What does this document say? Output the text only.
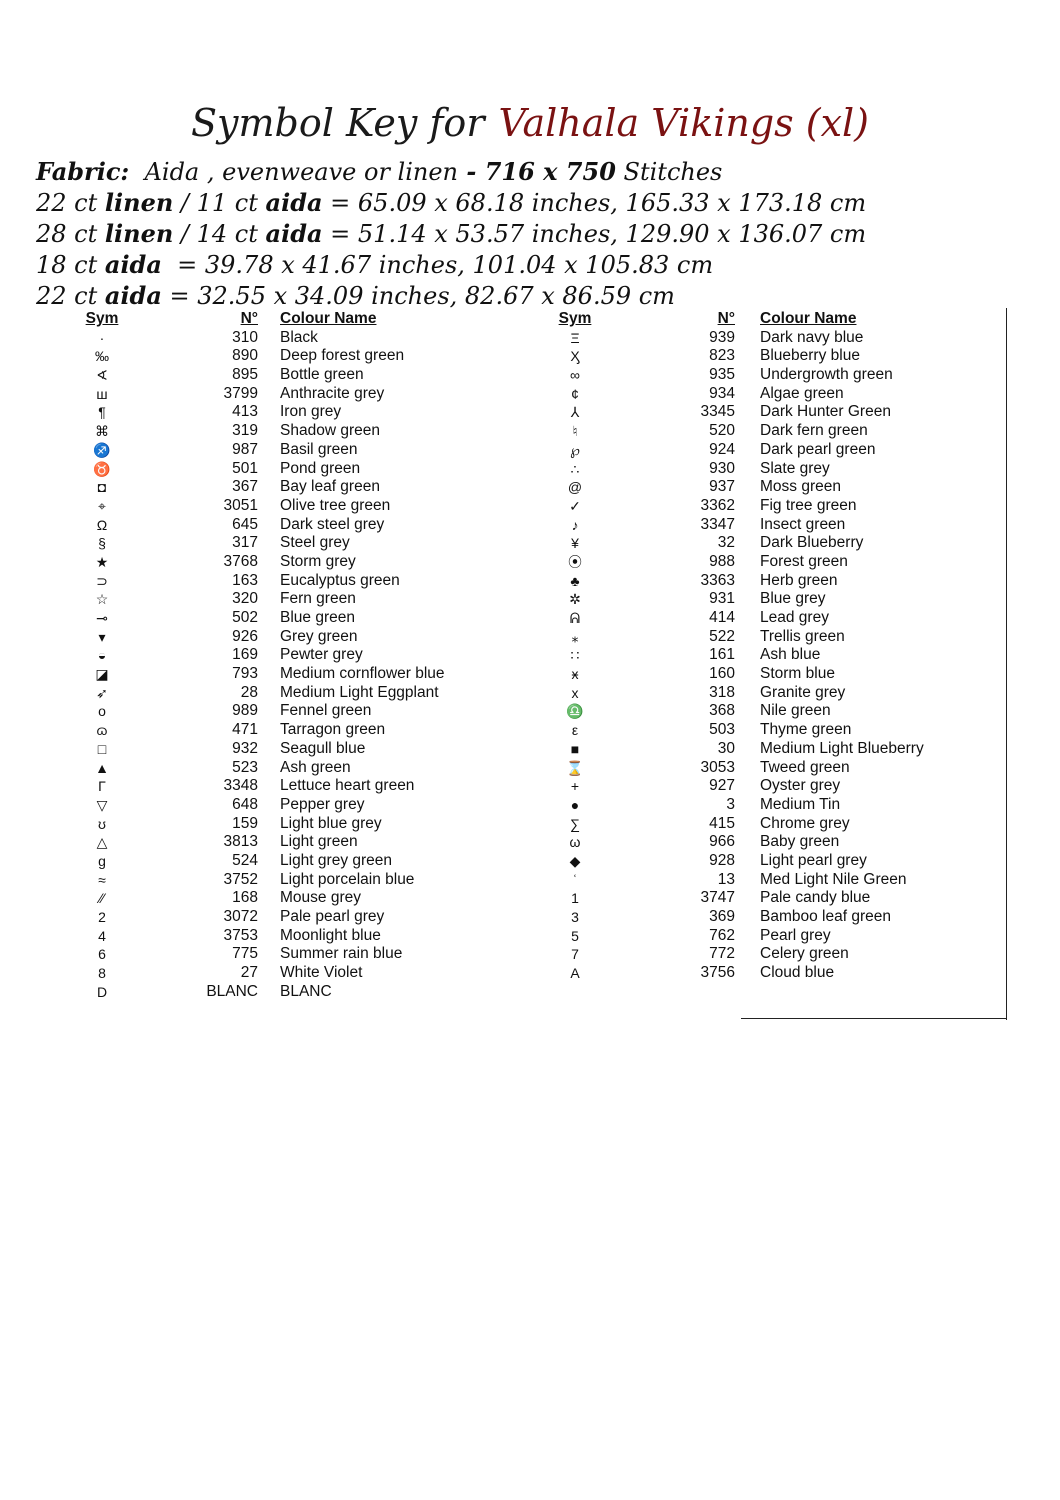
Symbol Key for Valhala Vikings (xl)
Fabric: Aida , evenweave or linen - 716 x 750 Stitches
22 ct linen / 11 ct aida = 65.09 x 68.18 inches, 165.33 x 173.18 cm
28 ct linen / 14 ct aida = 51.14 x 53.57 inches, 129.90 x 136.07 cm
18 ct aida  = 39.78 x 41.67 inches, 101.04 x 105.83 cm
22 ct aida = 32.55 x 34.09 inches, 82.67 x 86.59 cm
Sym	N° Colour Name
·	310 Black
‰	890 Deep forest green
∢	895 Bottle green
ш	3799 Anthracite grey
¶	413 Iron grey
⌘	319 Shadow green
♐	987 Basil green
♉	501 Pond green
◘	367 Bay leaf green
⌖	3051 Olive tree green
Ω	645 Dark steel grey
§	317 Steel grey
★	3768 Storm grey
⊃	163 Eucalyptus green
☆	320 Fern green
⊸	502 Blue green
▾	926 Grey green
◒	169 Pewter grey
◪	793 Medium cornflower blue
➶	28 Medium Light Eggplant
o	989 Fennel green
ɷ	471 Tarragon green
□	932 Seagull blue
▲	523 Ash green
Γ	3348 Lettuce heart green
▽	648 Pepper grey
ʊ	159 Light blue grey
△	3813 Light green
g	524 Light grey green
≈	3752 Light porcelain blue
⁄⁄	168 Mouse grey
2	3072 Pale pearl grey
4	3753 Moonlight blue
6	775 Summer rain blue
8	27 White Violet
D	BLANC BLANC
Sym	N° Colour Name
Ξ	939 Dark navy blue
Ӽ	823 Blueberry blue
∞	935 Undergrowth green
¢	934 Algae green
⅄	3345 Dark Hunter Green
♮	520 Dark fern green
℘	924 Dark pearl green
∴	930 Slate grey
@	937 Moss green
✓	3362 Fig tree green
♪	3347 Insect green
¥	32 Dark Blueberry
⦿	988 Forest green
♣	3363 Herb green
✲	931 Blue grey
ᕱ	414 Lead grey
⁎	522 Trellis green
∷	161 Ash blue
ӿ	160 Storm blue
x	318 Granite grey
♎	368 Nile green
ε	503 Thyme green
■	30 Medium Light Blueberry
⌛	3053 Tweed green
+	927 Oyster grey
●	3 Medium Tin
∑	415 Chrome grey
ω	966 Baby green
◆	928 Light pearl grey
ʿ	13 Med Light Nile Green
1	3747 Pale candy blue
3	369 Bamboo leaf green
5	762 Pearl grey
7	772 Celery green
A	3756 Cloud blue
